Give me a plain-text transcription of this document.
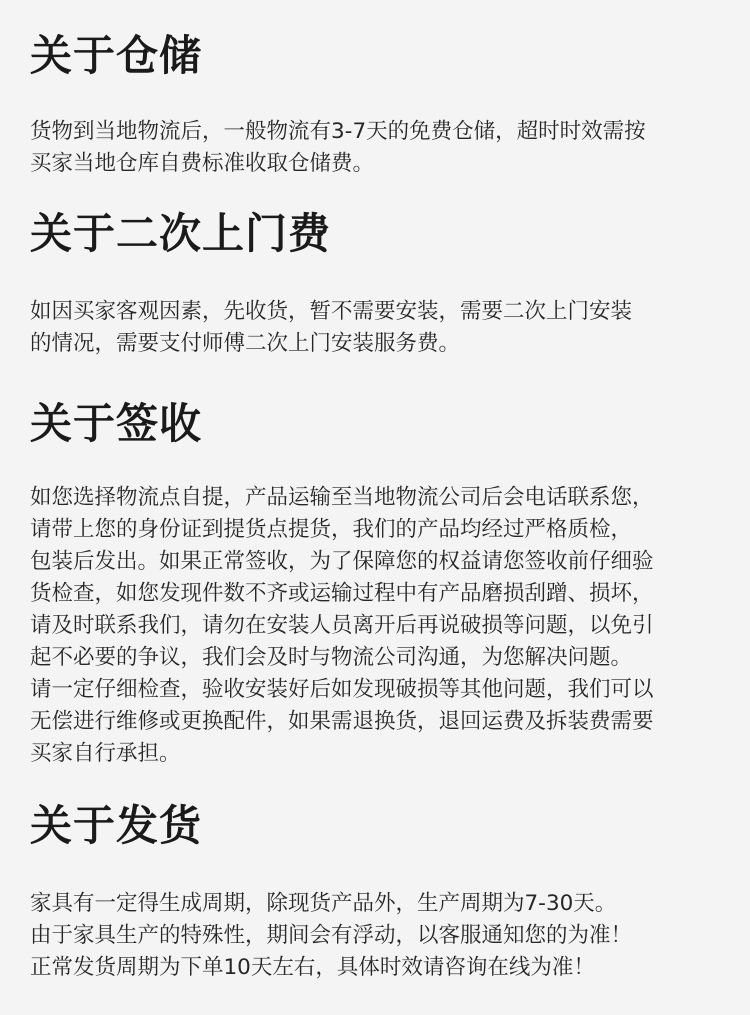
关于仓储
货物到当地物流后，一般物流有3-7天的免费仓储，超时时效需按
买家当地仓库自费标准收取仓储费。
关于二次上门费
如因买家客观因素，先收货，暂不需要安装，需要二次上门安装
的情况，需要支付师傅二次上门安装服务费。
关于签收
如您选择物流点自提，产品运输至当地物流公司后会电话联系您，
请带上您的身份证到提货点提货，我们的产品均经过严格质检，
包装后发出。如果正常签收，为了保障您的权益请您签收前仔细验
货检查，如您发现件数不齐或运输过程中有产品磨损刮蹭、损坏，
请及时联系我们，请勿在安装人员离开后再说破损等问题，以免引
起不必要的争议，我们会及时与物流公司沟通，为您解决问题。
请一定仔细检查，验收安装好后如发现破损等其他问题，我们可以
无偿进行维修或更换配件，如果需退换货，退回运费及拆装费需要
买家自行承担。
关于发货
家具有一定得生成周期，除现货产品外，生产周期为7-30天。
由于家具生产的特殊性，期间会有浮动，以客服通知您的为准！
正常发货周期为下单10天左右，具体时效请咨询在线为准！
